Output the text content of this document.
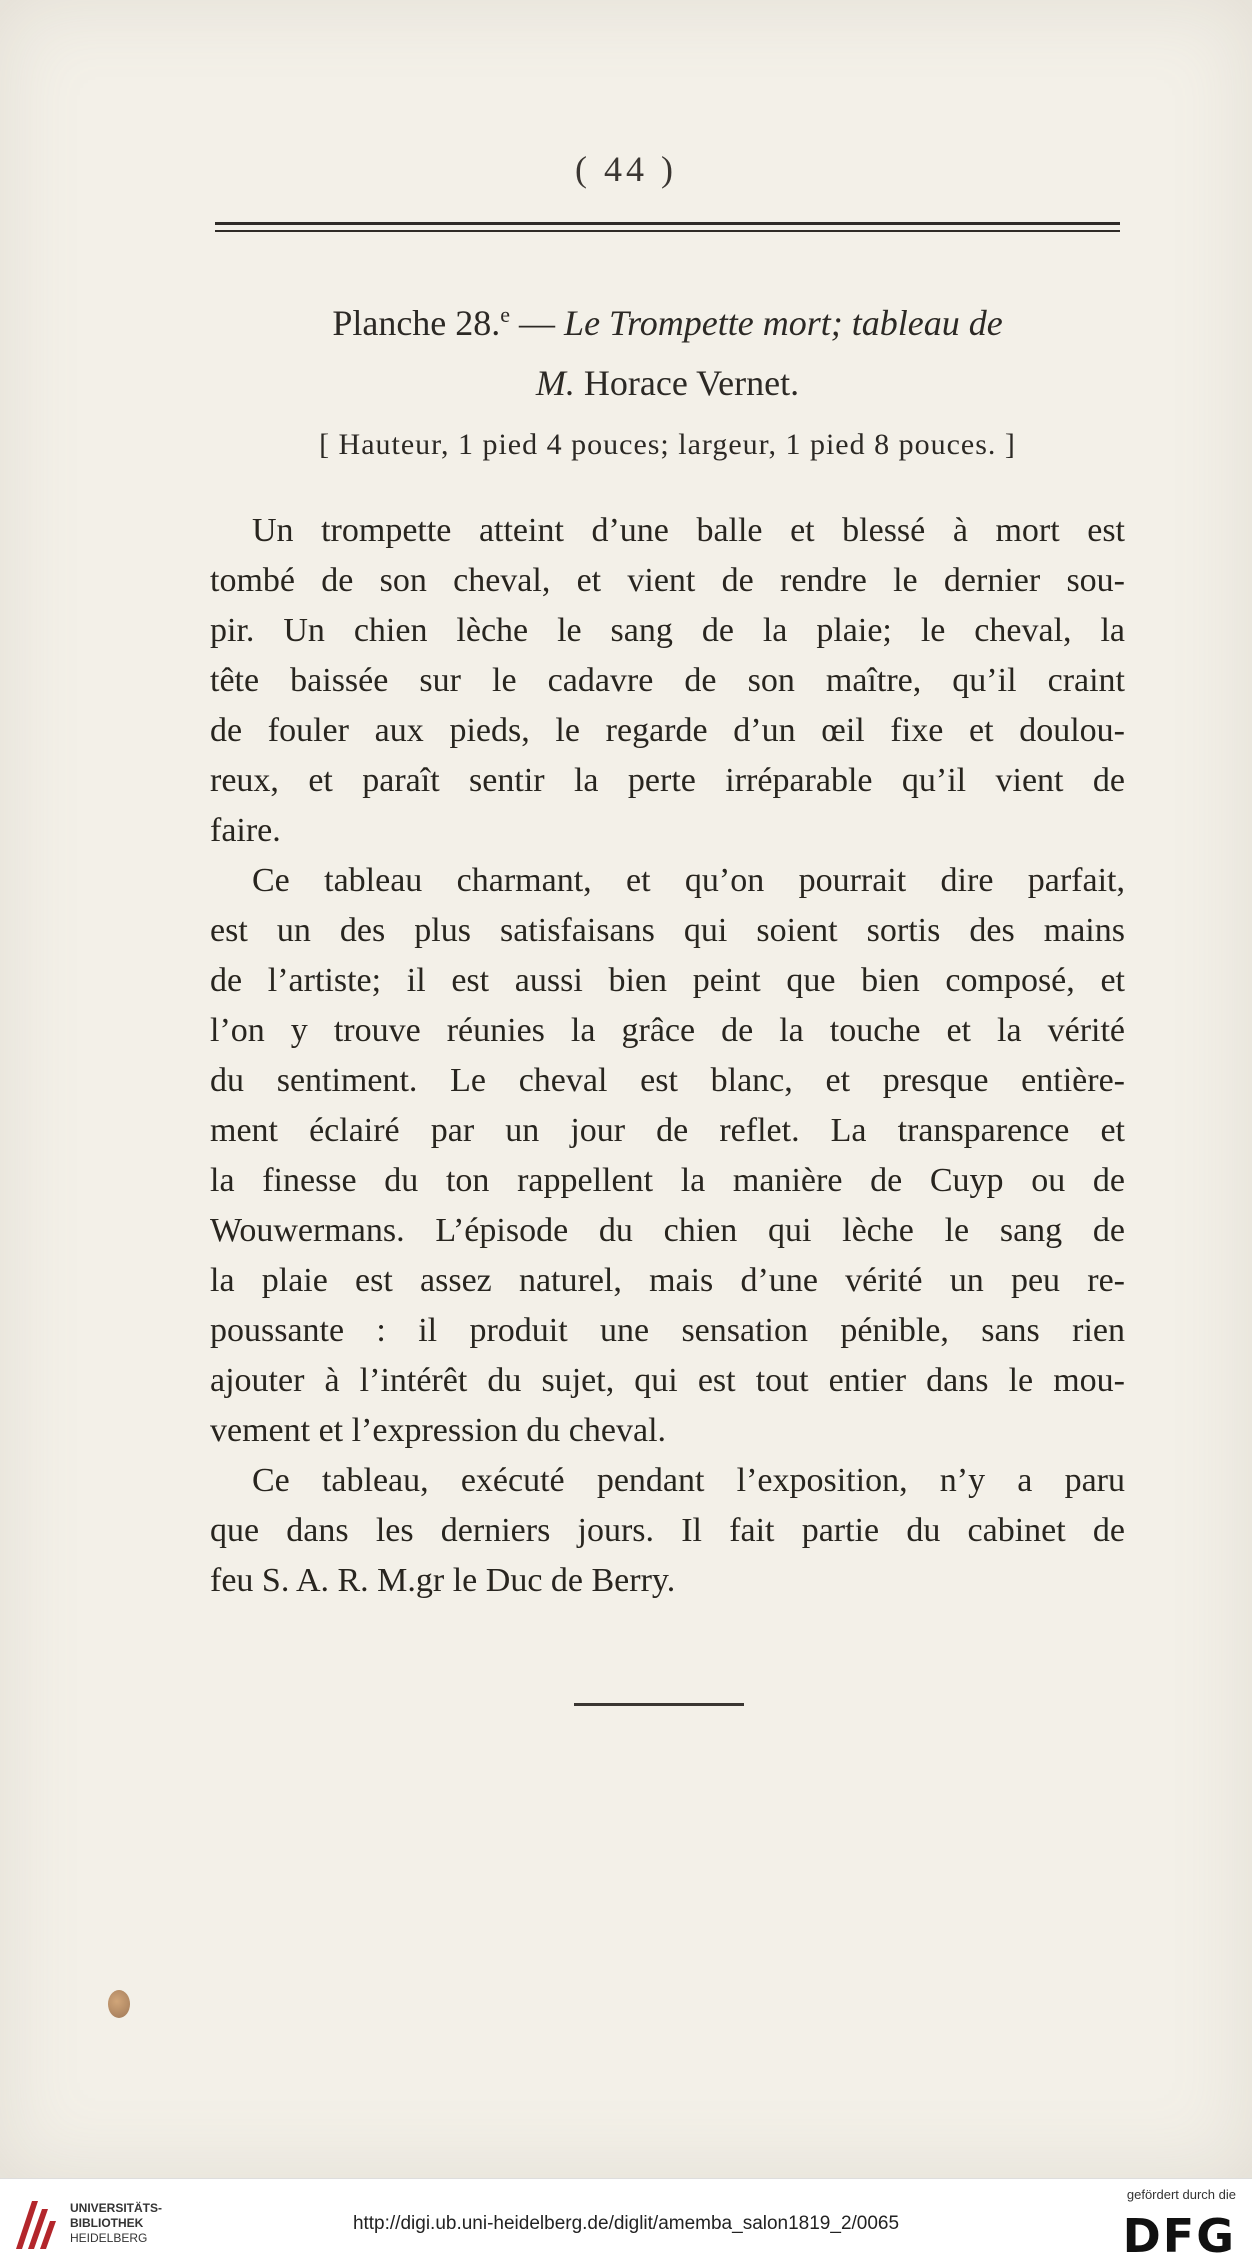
( 44 )
Planche 28.$^e$ — Le Trompette mort; tableau de
M. Horace Vernet.
[ Hauteur, 1 pied 4 pouces; largeur, 1 pied 8 pouces. ]

Un trompette atteint d’une balle et blessé à mort est
tombé de son cheval, et vient de rendre le dernier sou-
pir. Un chien lèche le sang de la plaie; le cheval, la
tête baissée sur le cadavre de son maître, qu’il craint
de fouler aux pieds, le regarde d’un œil fixe et doulou-
reux, et paraît sentir la perte irréparable qu’il vient de
faire.

Ce tableau charmant, et qu’on pourrait dire parfait,
est un des plus satisfaisans qui soient sortis des mains
de l’artiste; il est aussi bien peint que bien composé, et
l’on y trouve réunies la grâce de la touche et la vérité
du sentiment. Le cheval est blanc, et presque entière-
ment éclairé par un jour de reflet. La transparence et
la finesse du ton rappellent la manière de Cuyp ou de
Wouwermans. L’épisode du chien qui lèche le sang de
la plaie est assez naturel, mais d’une vérité un peu re-
poussante : il produit une sensation pénible, sans rien
ajouter à l’intérêt du sujet, qui est tout entier dans le mou-
vement et l’expression du cheval.

Ce tableau, exécuté pendant l’exposition, n’y a paru
que dans les derniers jours. Il fait partie du cabinet de
feu S. A. R. M.gr le Duc de Berry.

UNIVERSITÄTS-
BIBLIOTHEK
HEIDELBERG
http://digi.ub.uni-heidelberg.de/diglit/amemba_salon1819_2/0065
gefördert durch die
DFG
